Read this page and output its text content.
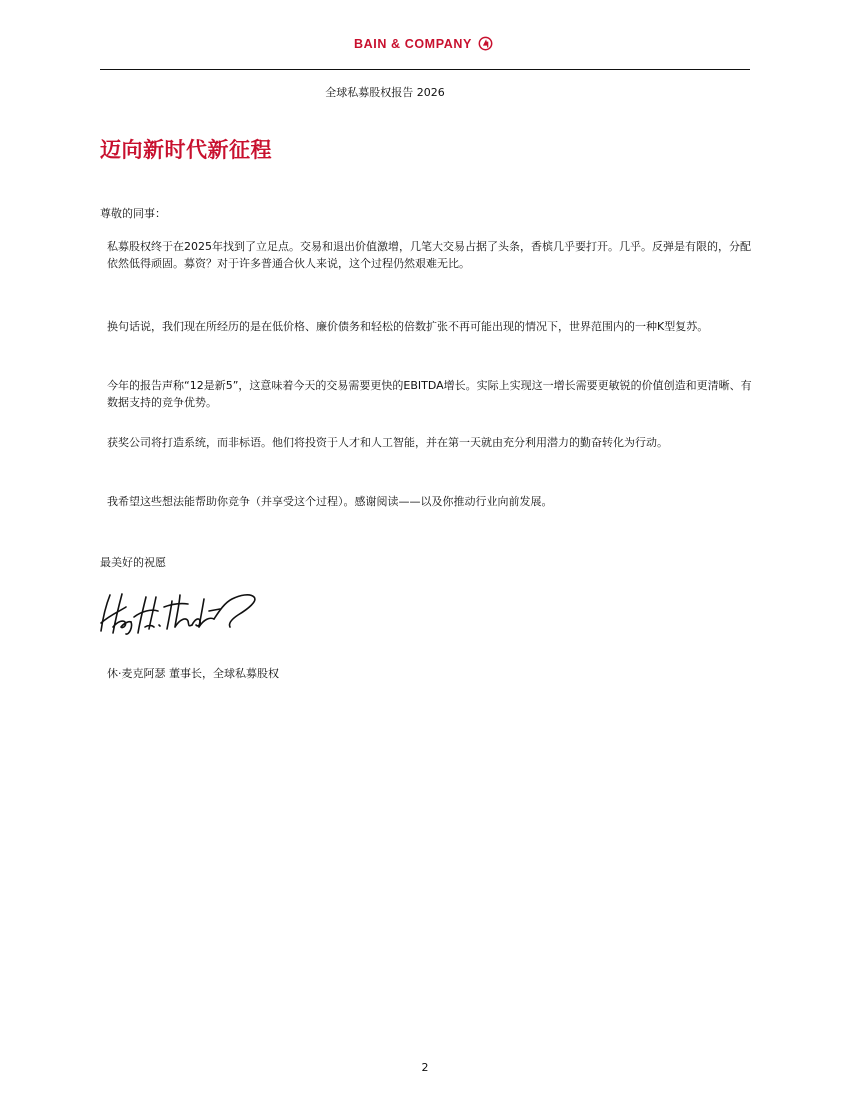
BAIN & COMPANY
全球私募股权报告 2026
迈向新时代新征程
尊敬的同事：

私募股权终于在2025年找到了立足点。交易和退出价值激增，几笔大交易占据了头条，香槟几乎要打开。几乎。反弹是有限的，分配依然低得顽固。募资？对于许多普通合伙人来说，这个过程仍然艰难无比。

换句话说，我们现在所经历的是在低价格、廉价债务和轻松的倍数扩张不再可能出现的情况下，世界范围内的一种K型复苏。

今年的报告声称“12是新5”，这意味着今天的交易需要更快的EBITDA增长。实际上实现这一增长需要更敏锐的价值创造和更清晰、有数据支持的竞争优势。

获奖公司将打造系统，而非标语。他们将投资于人才和人工智能，并在第一天就由充分利用潜力的勤奋转化为行动。

我希望这些想法能帮助你竞争（并享受这个过程）。感谢阅读——以及你推动行业向前发展。

最美好的祝愿
休·麦克阿瑟 董事长，全球私募股权
2
